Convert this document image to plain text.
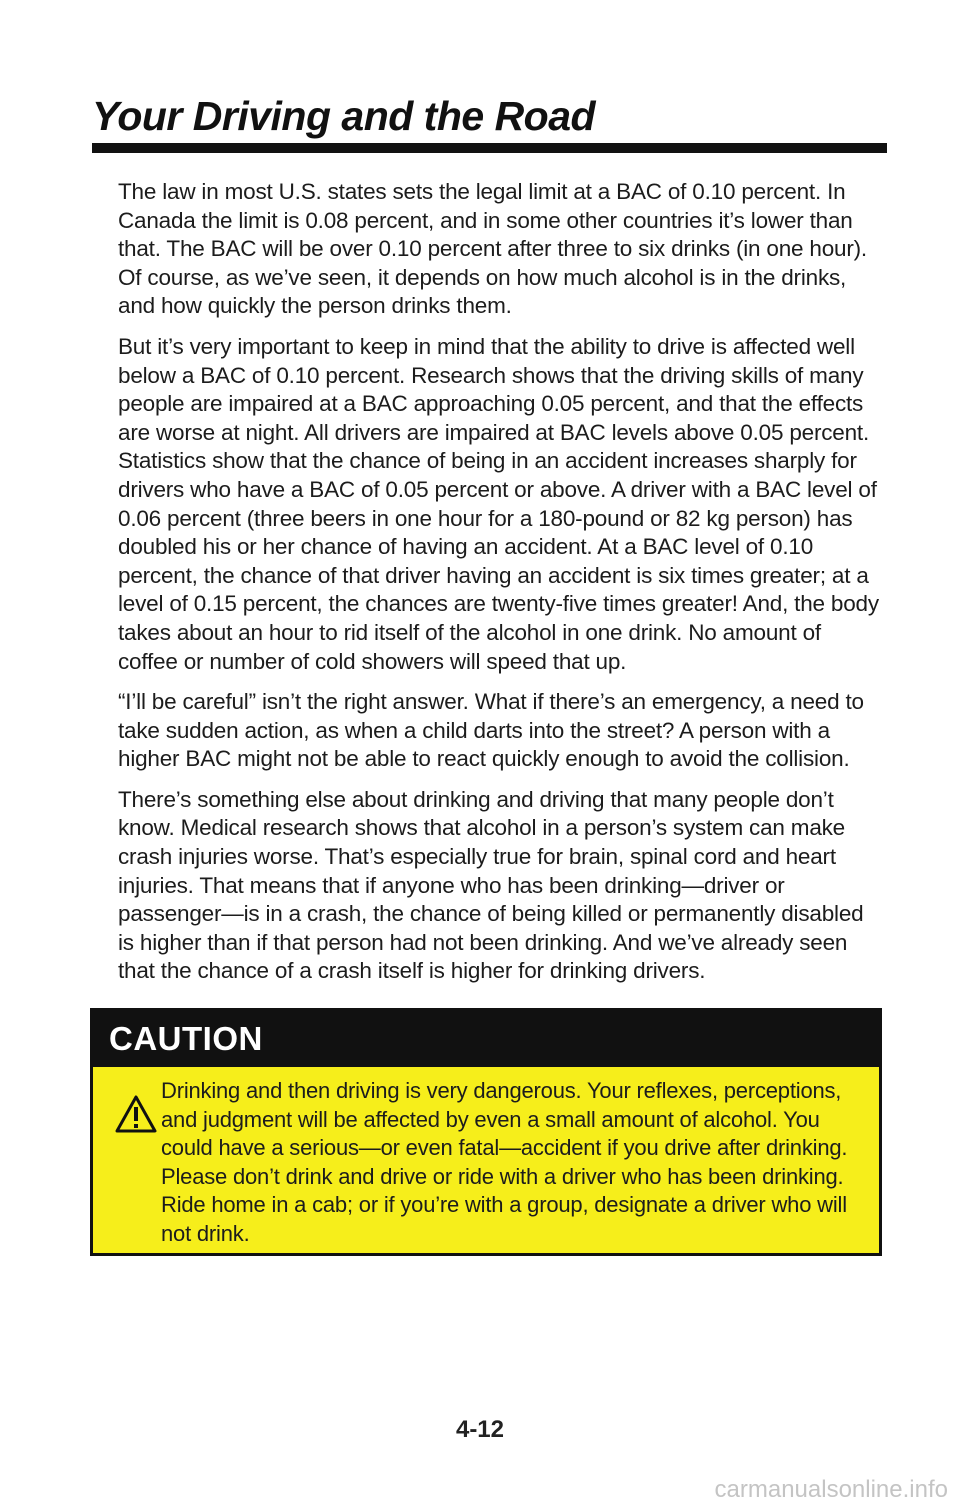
Your Driving and the Road

The law in most U.S. states sets the legal limit at a BAC of 0.10 percent. In Canada the limit is 0.08 percent, and in some other countries it’s lower than that. The BAC will be over 0.10 percent after three to six drinks (in one hour). Of course, as we’ve seen, it depends on how much alcohol is in the drinks, and how quickly the person drinks them.

But it’s very important to keep in mind that the ability to drive is affected well below a BAC of 0.10 percent. Research shows that the driving skills of many people are impaired at a BAC approaching 0.05 percent, and that the effects are worse at night. All drivers are impaired at BAC levels above 0.05 percent. Statistics show that the chance of being in an accident increases sharply for drivers who have a BAC of 0.05 percent or above. A driver with a BAC level of 0.06 percent (three beers in one hour for a 180-pound or 82 kg person) has doubled his or her chance of having an accident. At a BAC level of 0.10 percent, the chance of that driver having an accident is six times greater; at a level of 0.15 percent, the chances are twenty-five times greater! And, the body takes about an hour to rid itself of the alcohol in one drink. No amount of coffee or number of cold showers will speed that up.

“I’ll be careful” isn’t the right answer. What if there’s an emergency, a need to take sudden action, as when a child darts into the street? A person with a higher BAC might not be able to react quickly enough to avoid the collision.

There’s something else about drinking and driving that many people don’t know. Medical research shows that alcohol in a person’s system can make crash injuries worse. That’s especially true for brain, spinal cord and heart injuries. That means that if anyone who has been drinking—driver or passenger—is in a crash, the chance of being killed or permanently disabled is higher than if that person had not been drinking. And we’ve already seen that the chance of a crash itself is higher for drinking drivers.

CAUTION

Drinking and then driving is very dangerous. Your reflexes, perceptions, and judgment will be affected by even a small amount of alcohol. You could have a serious—or even fatal—accident if you drive after drinking. Please don’t drink and drive or ride with a driver who has been drinking. Ride home in a cab; or if you’re with a group, designate a driver who will not drink.

4-12
carmanualsonline.info
